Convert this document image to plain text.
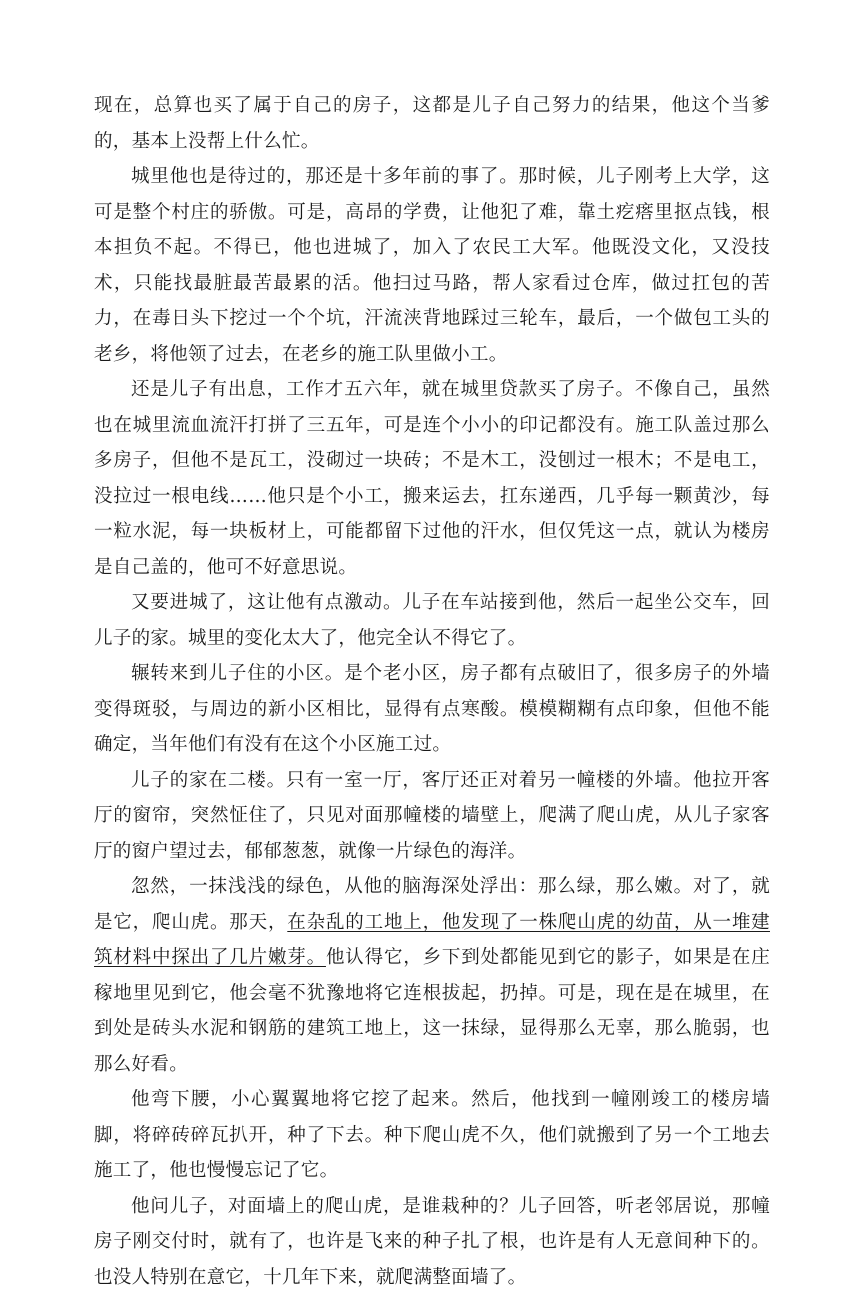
现在，总算也买了属于自己的房子，这都是儿子自己努力的结果，他这个当爹的，基本上没帮上什么忙。

城里他也是待过的，那还是十多年前的事了。那时候，儿子刚考上大学，这可是整个村庄的骄傲。可是，高昂的学费，让他犯了难，靠土疙瘩里抠点钱，根本担负不起。不得已，他也进城了，加入了农民工大军。他既没文化，又没技术，只能找最脏最苦最累的活。他扫过马路，帮人家看过仓库，做过扛包的苦力，在毒日头下挖过一个个坑，汗流浃背地踩过三轮车，最后，一个做包工头的老乡，将他领了过去，在老乡的施工队里做小工。

还是儿子有出息，工作才五六年，就在城里贷款买了房子。不像自己，虽然也在城里流血流汗打拼了三五年，可是连个小小的印记都没有。施工队盖过那么多房子，但他不是瓦工，没砌过一块砖；不是木工，没刨过一根木；不是电工，没拉过一根电线……他只是个小工，搬来运去，扛东递西，几乎每一颗黄沙，每一粒水泥，每一块板材上，可能都留下过他的汗水，但仅凭这一点，就认为楼房是自己盖的，他可不好意思说。

又要进城了，这让他有点激动。儿子在车站接到他，然后一起坐公交车，回儿子的家。城里的变化太大了，他完全认不得它了。

辗转来到儿子住的小区。是个老小区，房子都有点破旧了，很多房子的外墙变得斑驳，与周边的新小区相比，显得有点寒酸。模模糊糊有点印象，但他不能确定，当年他们有没有在这个小区施工过。

儿子的家在二楼。只有一室一厅，客厅还正对着另一幢楼的外墙。他拉开客厅的窗帘，突然怔住了，只见对面那幢楼的墙壁上，爬满了爬山虎，从儿子家客厅的窗户望过去，郁郁葱葱，就像一片绿色的海洋。

忽然，一抹浅浅的绿色，从他的脑海深处浮出：那么绿，那么嫩。对了，就是它，爬山虎。那天，在杂乱的工地上，他发现了一株爬山虎的幼苗，从一堆建筑材料中探出了几片嫩芽。他认得它，乡下到处都能见到它的影子，如果是在庄稼地里见到它，他会毫不犹豫地将它连根拔起，扔掉。可是，现在是在城里，在到处是砖头水泥和钢筋的建筑工地上，这一抹绿，显得那么无辜，那么脆弱，也那么好看。

他弯下腰，小心翼翼地将它挖了起来。然后，他找到一幢刚竣工的楼房墙脚，将碎砖碎瓦扒开，种了下去。种下爬山虎不久，他们就搬到了另一个工地去施工了，他也慢慢忘记了它。

他问儿子，对面墙上的爬山虎，是谁栽种的？儿子回答，听老邻居说，那幢房子刚交付时，就有了，也许是飞来的种子扎了根，也许是有人无意间种下的。也没人特别在意它，十几年下来，就爬满整面墙了。
